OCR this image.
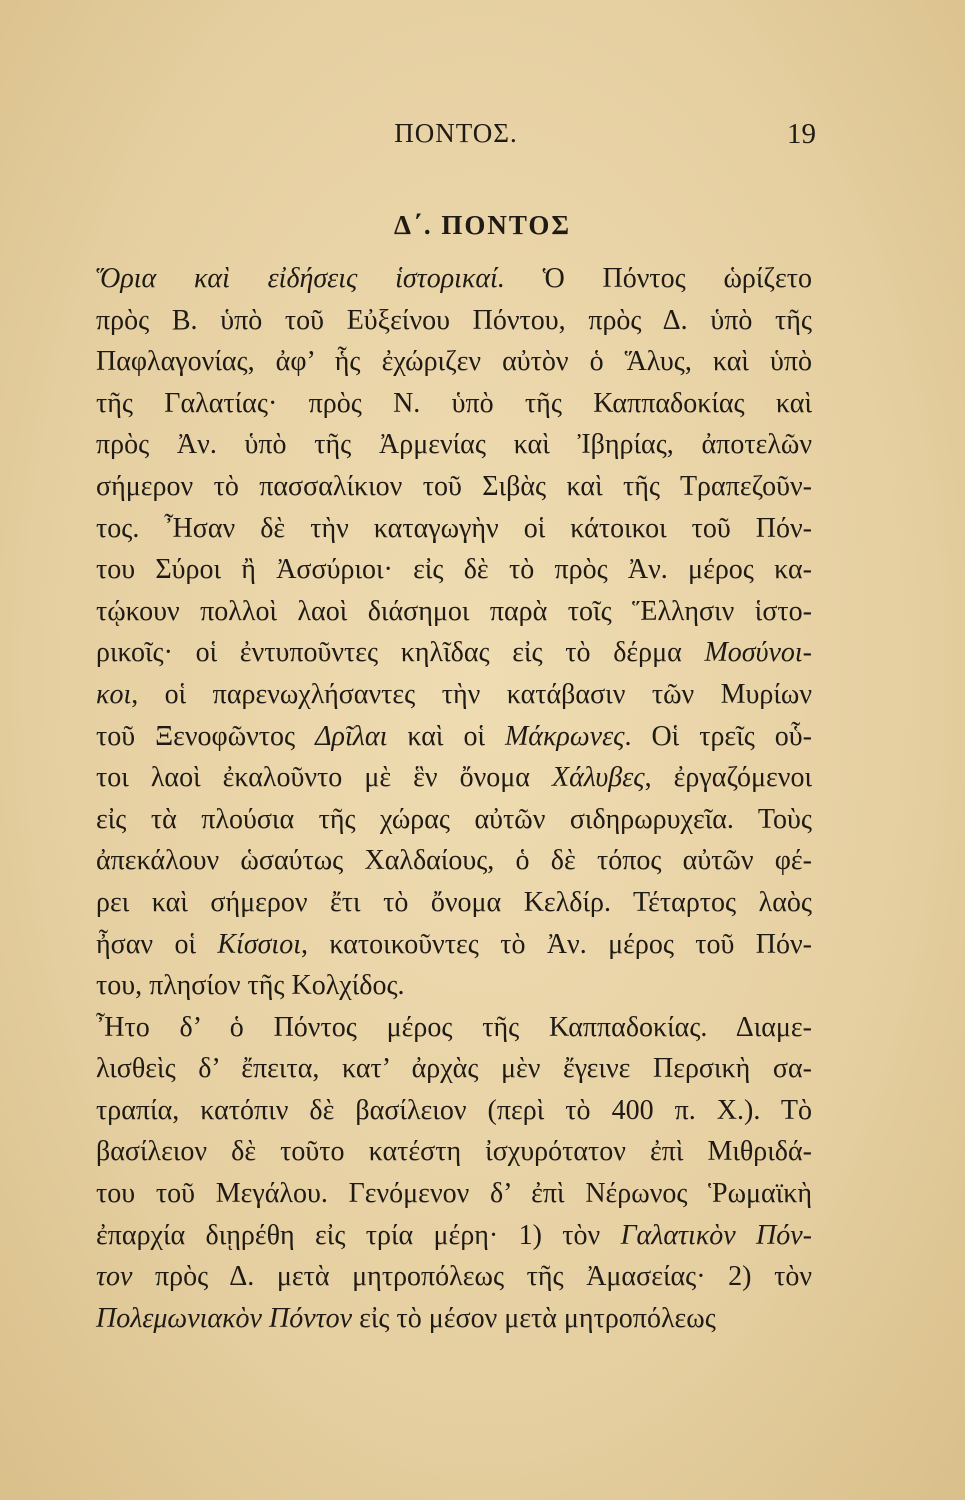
ΠΟΝΤΟΣ.	19
Δ΄. ΠΟΝΤΟΣ
Ὅρια καὶ εἰδήσεις ἱστορικαί. Ὁ Πόντος ὡρίζετο
πρὸς Β. ὑπὸ τοῦ Εὐξείνου Πόντου, πρὸς Δ. ὑπὸ τῆς
Παφλαγονίας, ἀφ’ ἧς ἐχώριζεν αὐτὸν ὁ Ἅλυς, καὶ ὑπὸ
τῆς Γαλατίας· πρὸς Ν. ὑπὸ τῆς Καππαδοκίας καὶ
πρὸς Ἀν. ὑπὸ τῆς Ἀρμενίας καὶ Ἰβηρίας, ἀποτελῶν
σήμερον τὸ πασσαλίκιον τοῦ Σιβὰς καὶ τῆς Τραπεζοῦν-
τος. Ἦσαν δὲ τὴν καταγωγὴν οἱ κάτοικοι τοῦ Πόν-
του Σύροι ἢ Ἀσσύριοι· εἰς δὲ τὸ πρὸς Ἀν. μέρος κα-
τῴκουν πολλοὶ λαοὶ διάσημοι παρὰ τοῖς Ἕλλησιν ἱστο-
ρικοῖς· οἱ ἐντυποῦντες κηλῖδας εἰς τὸ δέρμα Μοσύνοι-
κοι, οἱ παρενωχλήσαντες τὴν κατάβασιν τῶν Μυρίων
τοῦ Ξενοφῶντος Δρῖλαι καὶ οἱ Μάκρωνες. Οἱ τρεῖς οὗ-
τοι λαοὶ ἐκαλοῦντο μὲ ἓν ὄνομα Χάλυβες, ἐργαζόμενοι
εἰς τὰ πλούσια τῆς χώρας αὐτῶν σιδηρωρυχεῖα. Τοὺς
ἀπεκάλουν ὡσαύτως Χαλδαίους, ὁ δὲ τόπος αὐτῶν φέ-
ρει καὶ σήμερον ἔτι τὸ ὄνομα Κελδίρ. Τέταρτος λαὸς
ἦσαν οἱ Κίσσιοι, κατοικοῦντες τὸ Ἀν. μέρος τοῦ Πόν-
του, πλησίον τῆς Κολχίδος.
Ἦτο δ’ ὁ Πόντος μέρος τῆς Καππαδοκίας. Διαμε-
λισθεὶς δ’ ἔπειτα, κατ’ ἀρχὰς μὲν ἔγεινε Περσικὴ σα-
τραπία, κατόπιν δὲ βασίλειον (περὶ τὸ 400 π. Χ.). Τὸ
βασίλειον δὲ τοῦτο κατέστη ἰσχυρότατον ἐπὶ Μιθριδά-
του τοῦ Μεγάλου. Γενόμενον δ’ ἐπὶ Νέρωνος Ῥωμαϊκὴ
ἐπαρχία διῃρέθη εἰς τρία μέρη· 1) τὸν Γαλατικὸν Πόν-
τον πρὸς Δ. μετὰ μητροπόλεως τῆς Ἀμασείας· 2) τὸν
Πολεμωνιακὸν Πόντον εἰς τὸ μέσον μετὰ μητροπόλεως
